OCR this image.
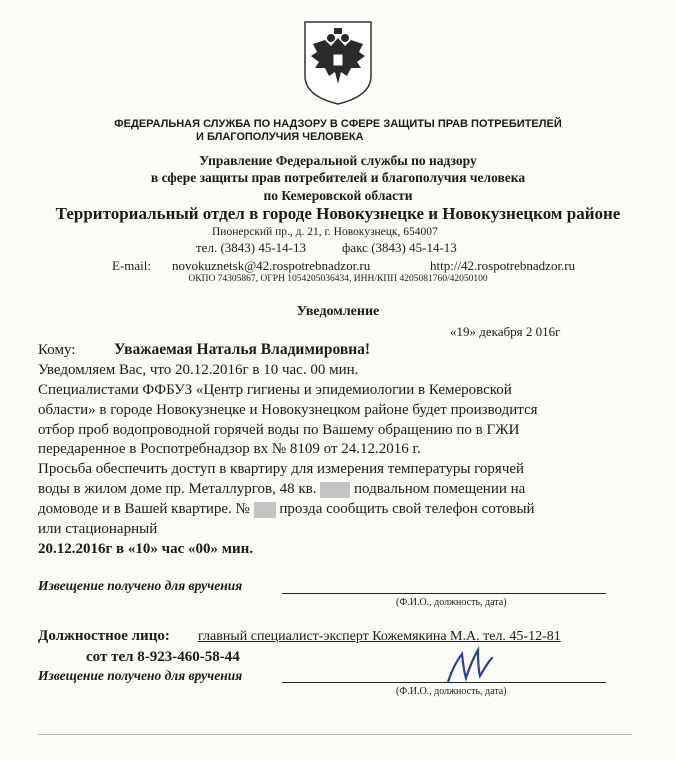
ФЕДЕРАЛЬНАЯ СЛУЖБА ПО НАДЗОРУ В СФЕРЕ ЗАЩИТЫ ПРАВ ПОТРЕБИТЕЛЕЙ
И БЛАГОПОЛУЧИЯ ЧЕЛОВЕКА
Управление Федеральной службы по надзору
в сфере защиты прав потребителей и благополучия человека
по Кемеровской области
Территориальный отдел в городе Новокузнецке и Новокузнецком районе
Пионерский пр., д. 21, г. Новокузнецк, 654007
тел. (3843) 45-14-13	факс (3843) 45-14-13
E-mail: novokuznetsk@42.rospotrebnadzor.ru	http://42.rospotrebnadzor.ru
ОКПО 74305867, ОГРН 1054205036434, ИНН/КПП 4205081760/42050100
Уведомление
«19» декабря 2 016г
Кому: Уважаемая Наталья Владимировна!
Уведомляем Вас, что 20.12.2016г в 10 час. 00 мин.
Специалистами ФФБУЗ «Центр гигиены и эпидемиологии в Кемеровской
области» в городе Новокузнецке и Новокузнецком районе будет производится
отбор проб водопроводной горячей воды по Вашему обращению по в ГЖИ
передаренное в Роспотребнадзор вх № 8109 от 24.12.2016 г.
Просьба обеспечить доступ в квартиру для измерения температуры горячей
воды в жилом доме пр. Металлургов, 48 кв.	подвальном помещении на
домоводе и в Вашей квартире. № прозда сообщить свой телефон сотовый
или стационарный
20.12.2016г в «10» час «00» мин.
Извещение получено для вручения
(Ф.И.О., должность, дата)
Должностное лицо: главный специалист-эксперт Кожемякина М.А. тел. 45-12-81
сот тел 8-923-460-58-44
Извещение получено для вручения
(Ф.И.О., должность, дата)
